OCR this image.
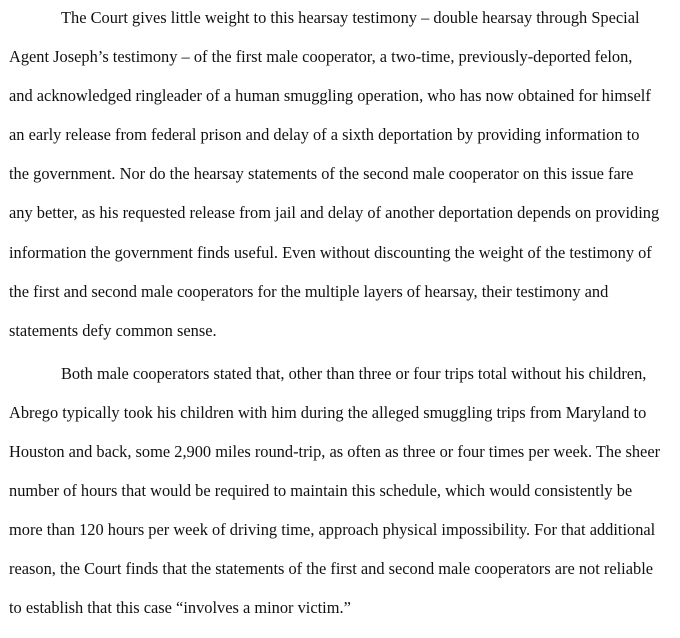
The Court gives little weight to this hearsay testimony – double hearsay through Special
Agent Joseph’s testimony – of the first male cooperator, a two-time, previously-deported felon,
and acknowledged ringleader of a human smuggling operation, who has now obtained for himself
an early release from federal prison and delay of a sixth deportation by providing information to
the government. Nor do the hearsay statements of the second male cooperator on this issue fare
any better, as his requested release from jail and delay of another deportation depends on providing
information the government finds useful. Even without discounting the weight of the testimony of
the first and second male cooperators for the multiple layers of hearsay, their testimony and
statements defy common sense.
Both male cooperators stated that, other than three or four trips total without his children,
Abrego typically took his children with him during the alleged smuggling trips from Maryland to
Houston and back, some 2,900 miles round-trip, as often as three or four times per week. The sheer
number of hours that would be required to maintain this schedule, which would consistently be
more than 120 hours per week of driving time, approach physical impossibility. For that additional
reason, the Court finds that the statements of the first and second male cooperators are not reliable
to establish that this case “involves a minor victim.”
